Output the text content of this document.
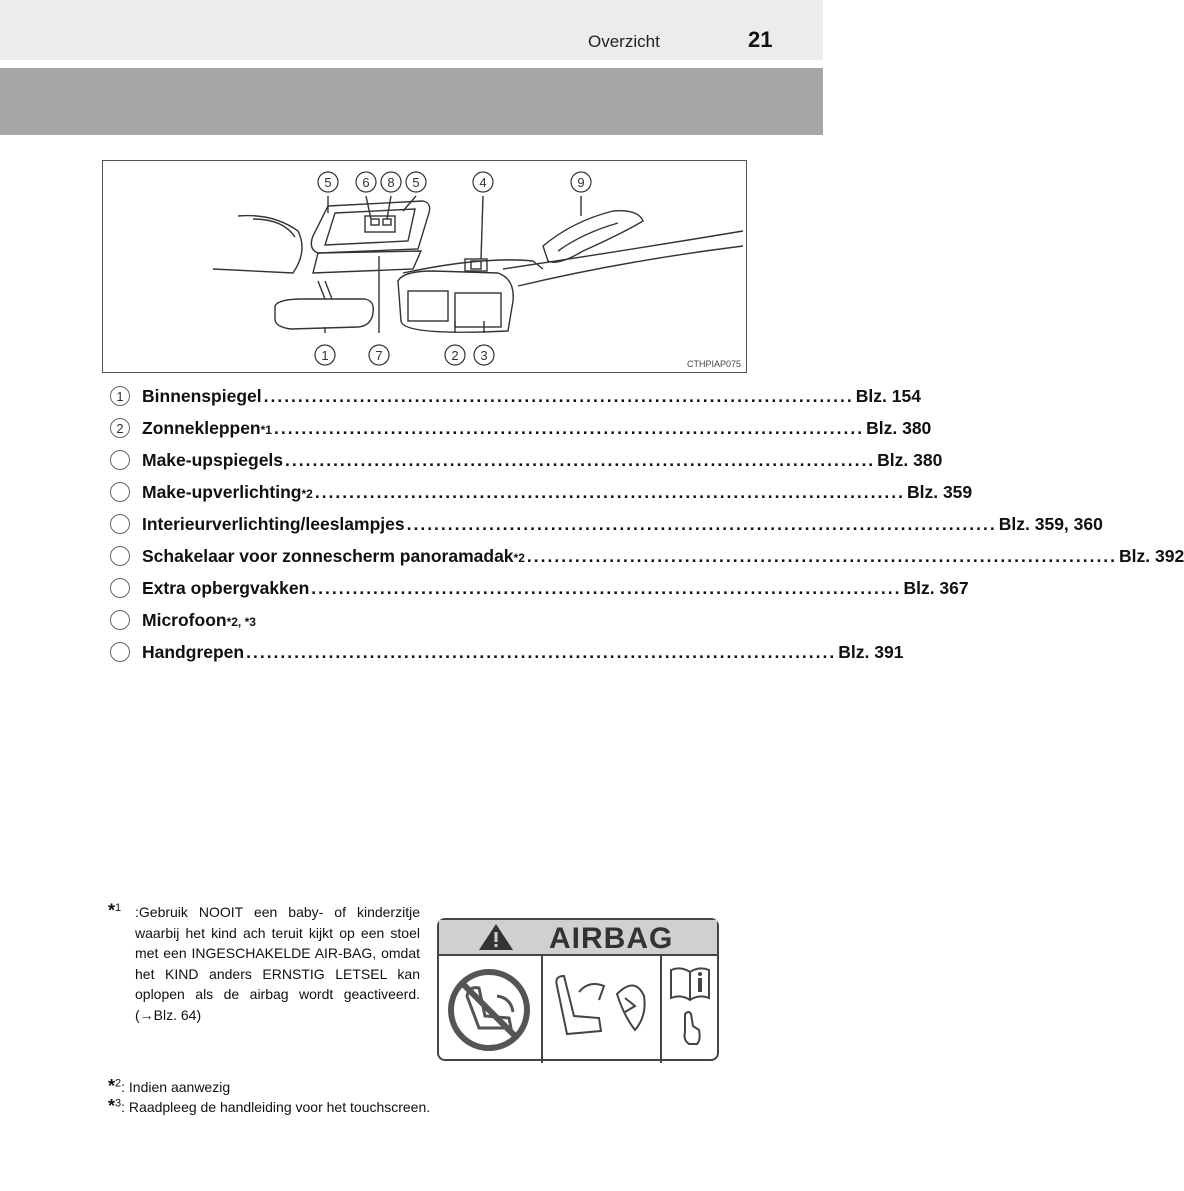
Overzicht	21
5 6 8 5	4	9
1	7	2 3
CTHPIAP075
1	Binnenspiegel ...................................................................................... Blz. 154
2	Zonnekleppen *1 ...................................................................................... Blz. 380
Make-upspiegels ...................................................................................... Blz. 380
Make-upverlichting *2 ...................................................................................... Blz. 359
Interieurverlichting/leeslampjes ...................................................................................... Blz. 359, 360
Schakelaar voor zonnescherm panoramadak *2 ...................................................................................... Blz. 392
Extra opbergvakken ...................................................................................... Blz. 367
Microfoon *2, *3
Handgrepen ...................................................................................... Blz. 391
*$^1$ :Gebruik NOOIT een baby- of kinderzitje waarbij het kind ach teruit kijkt op een stoel met een INGESCHAKELDE AIR-BAG, omdat het KIND anders ERNSTIG LETSEL kan oplopen als de airbag wordt geactiveerd. (→Blz. 64)
AIRBAG
*$^2$: Indien aanwezig
*$^3$: Raadpleeg de handleiding voor het touchscreen.
